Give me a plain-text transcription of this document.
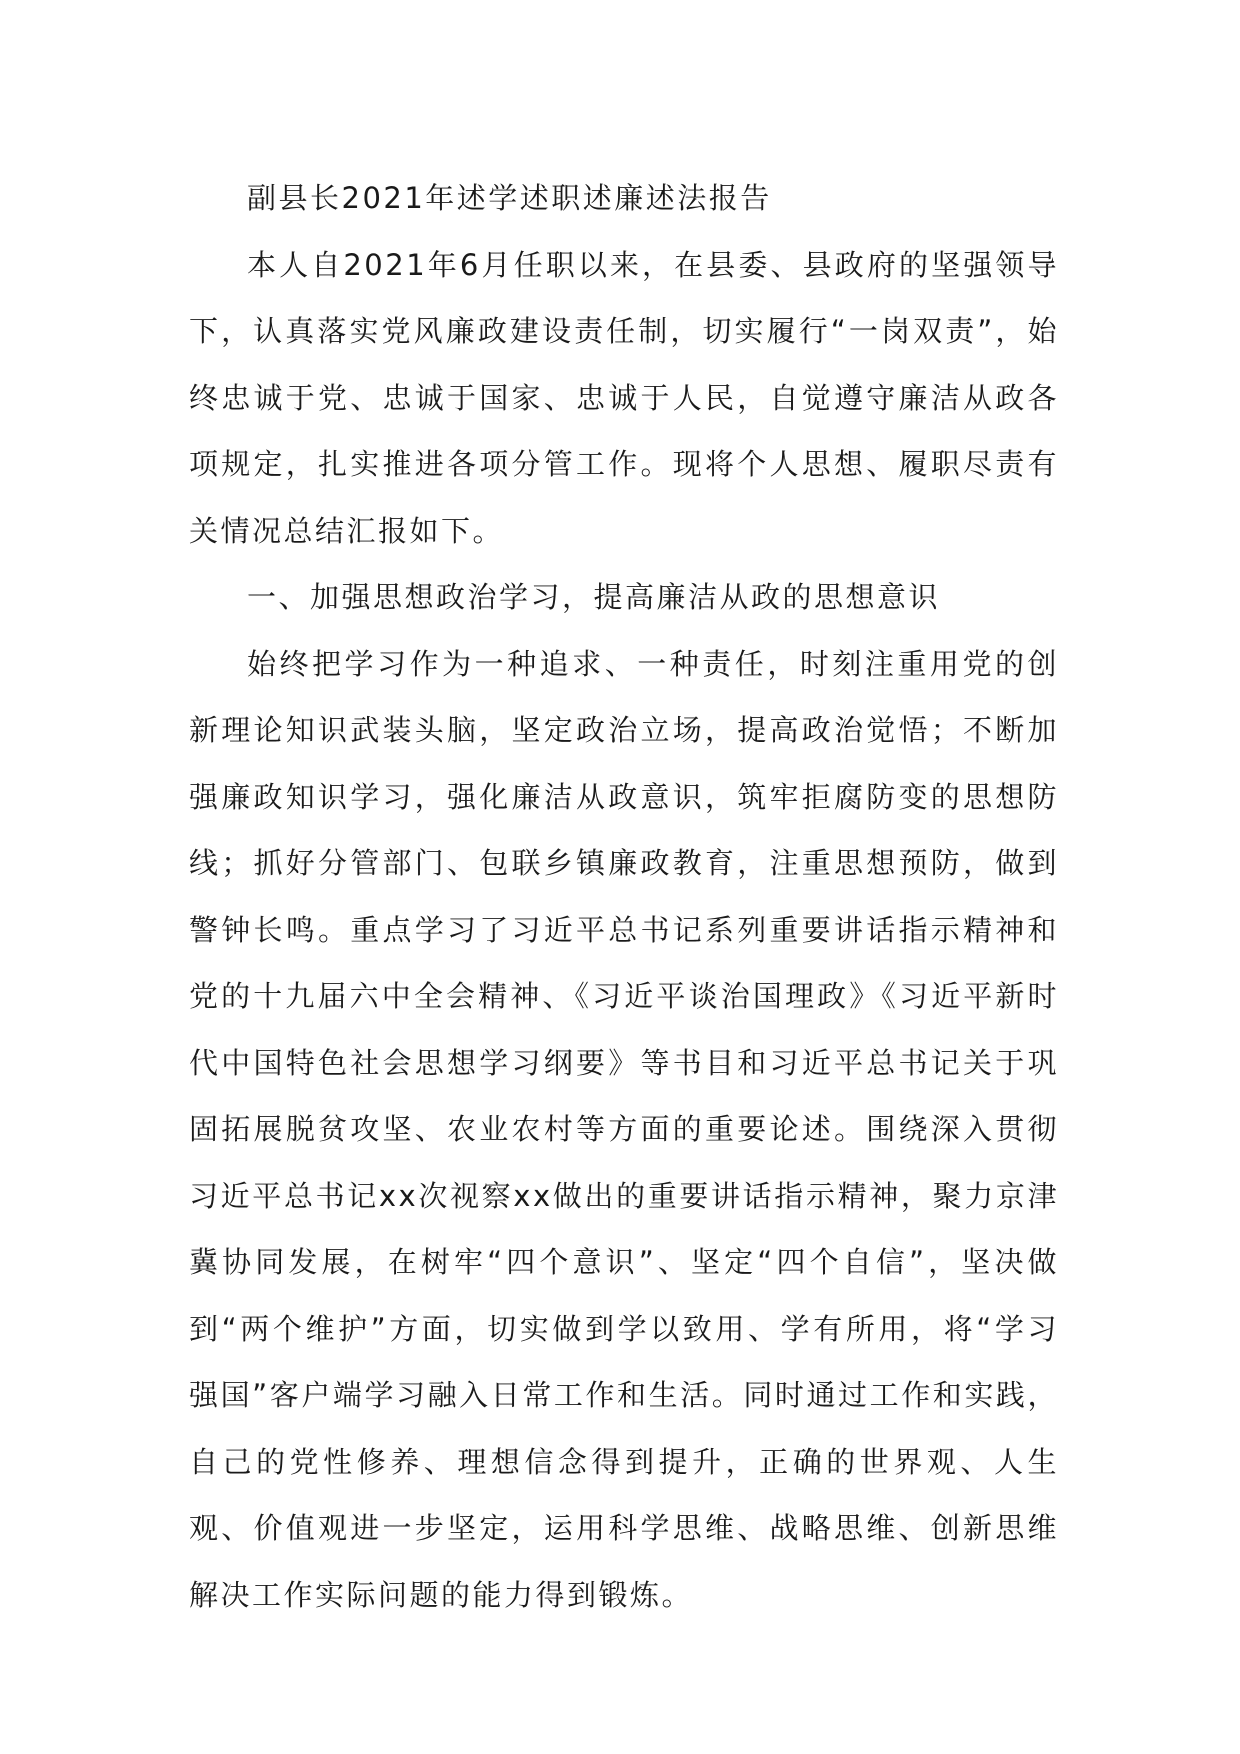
副县长2021年述学述职述廉述法报告

本人自2021年6月任职以来，在县委、县政府的坚强领导下，认真落实党风廉政建设责任制，切实履行“一岗双责”，始终忠诚于党、忠诚于国家、忠诚于人民，自觉遵守廉洁从政各项规定，扎实推进各项分管工作。现将个人思想、履职尽责有关情况总结汇报如下。

一、加强思想政治学习，提高廉洁从政的思想意识

始终把学习作为一种追求、一种责任，时刻注重用党的创新理论知识武装头脑，坚定政治立场，提高政治觉悟；不断加强廉政知识学习，强化廉洁从政意识，筑牢拒腐防变的思想防线；抓好分管部门、包联乡镇廉政教育，注重思想预防，做到警钟长鸣。重点学习了习近平总书记系列重要讲话指示精神和党的十九届六中全会精神、《习近平谈治国理政》《习近平新时代中国特色社会思想学习纲要》等书目和习近平总书记关于巩固拓展脱贫攻坚、农业农村等方面的重要论述。围绕深入贯彻习近平总书记xx次视察xx做出的重要讲话指示精神，聚力京津冀协同发展，在树牢“四个意识”、坚定“四个自信”，坚决做到“两个维护”方面，切实做到学以致用、学有所用，将“学习强国”客户端学习融入日常工作和生活。同时通过工作和实践，自己的党性修养、理想信念得到提升，正确的世界观、人生观、价值观进一步坚定，运用科学思维、战略思维、创新思维解决工作实际问题的能力得到锻炼。
